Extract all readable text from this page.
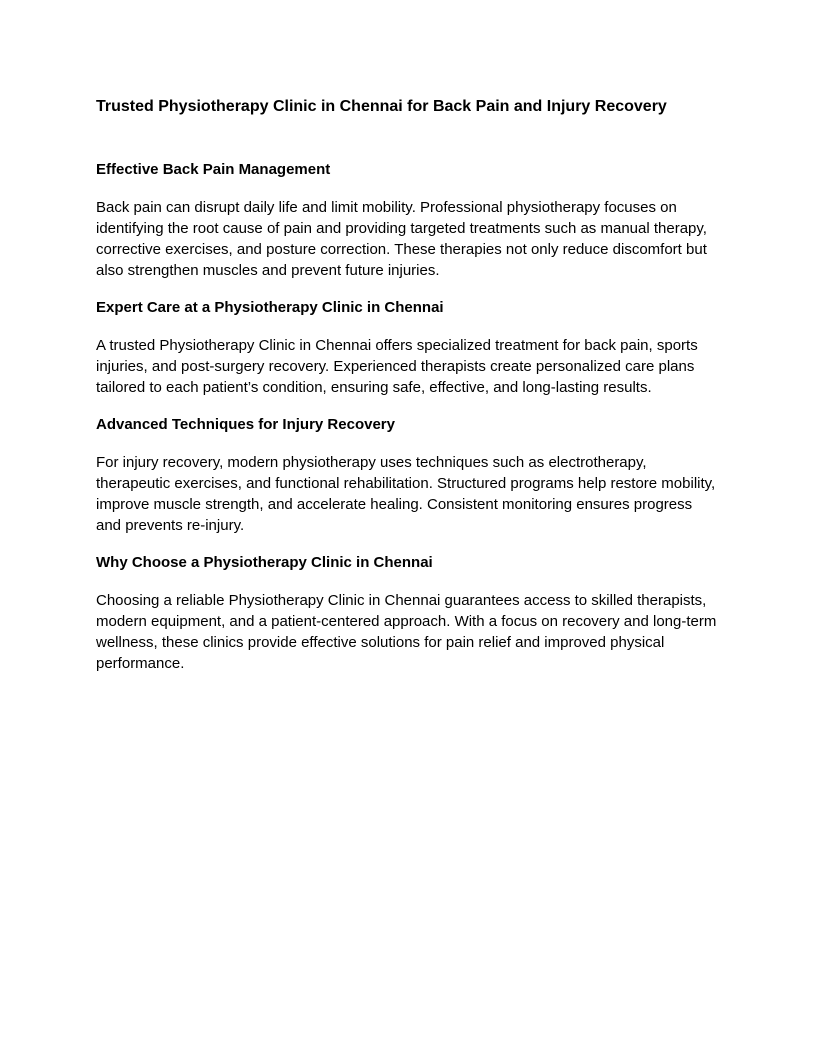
Trusted Physiotherapy Clinic in Chennai for Back Pain and Injury Recovery
Effective Back Pain Management

Back pain can disrupt daily life and limit mobility. Professional physiotherapy focuses on identifying the root cause of pain and providing targeted treatments such as manual therapy, corrective exercises, and posture correction. These therapies not only reduce discomfort but also strengthen muscles and prevent future injuries.

Expert Care at a Physiotherapy Clinic in Chennai

A trusted Physiotherapy Clinic in Chennai offers specialized treatment for back pain, sports injuries, and post-surgery recovery. Experienced therapists create personalized care plans tailored to each patient’s condition, ensuring safe, effective, and long-lasting results.

Advanced Techniques for Injury Recovery

For injury recovery, modern physiotherapy uses techniques such as electrotherapy, therapeutic exercises, and functional rehabilitation. Structured programs help restore mobility, improve muscle strength, and accelerate healing. Consistent monitoring ensures progress and prevents re-injury.

Why Choose a Physiotherapy Clinic in Chennai

Choosing a reliable Physiotherapy Clinic in Chennai guarantees access to skilled therapists, modern equipment, and a patient-centered approach. With a focus on recovery and long-term wellness, these clinics provide effective solutions for pain relief and improved physical performance.
